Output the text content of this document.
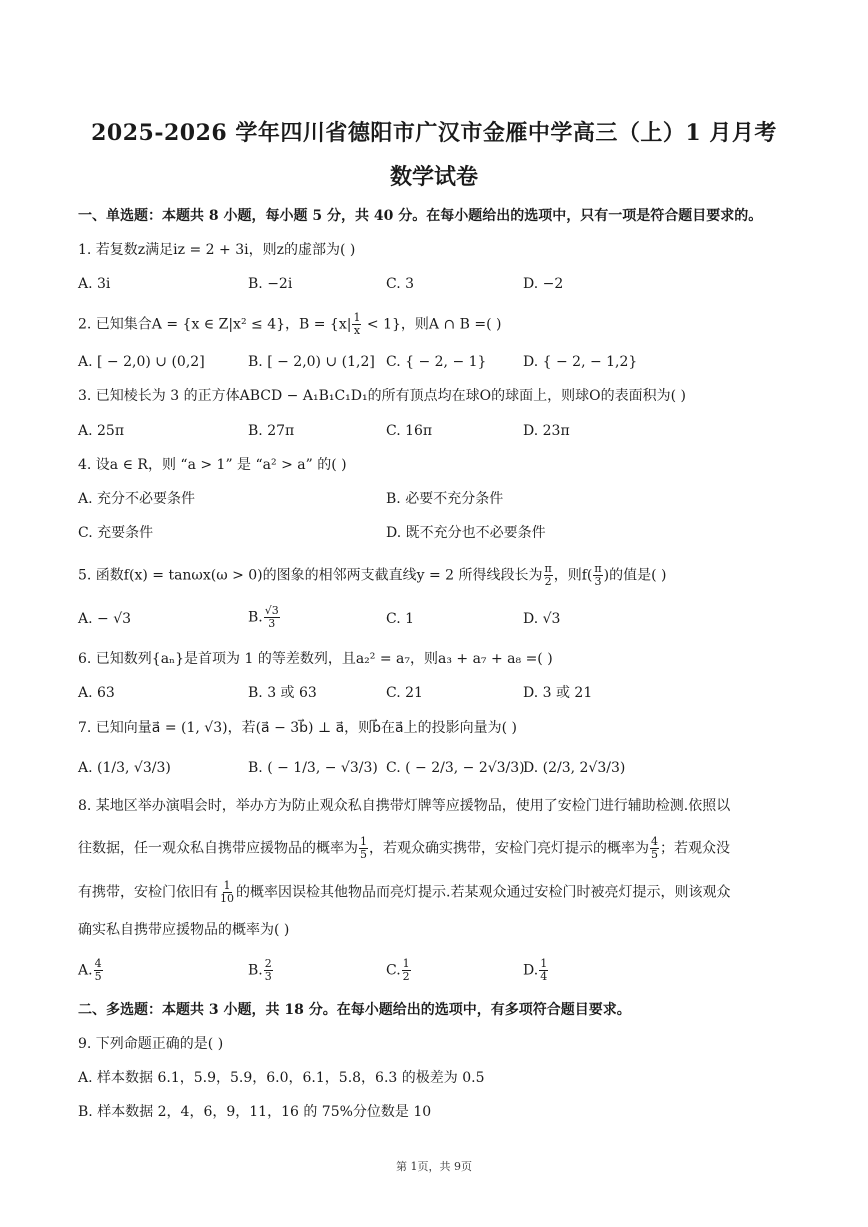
2025-2026 学年四川省德阳市广汉市金雁中学高三（上）1 月月考
数学试卷
一、单选题：本题共 8 小题，每小题 5 分，共 40 分。在每小题给出的选项中，只有一项是符合题目要求的。
1. 若复数z满足iz = 2 + 3i，则z的虚部为( )
A. 3i	B. −2i	C. 3	D. −2
2. 已知集合A = {x ∈ Z|x² ≤ 4}，$B = \{x| \frac{1}{x} < 1\}$，则A ∩ B =( )
A. [ − 2,0) ∪ (0,2]	B. [ − 2,0) ∪ (1,2] C. { − 2, − 1}	D. { − 2, − 1,2}
3. 已知棱长为 3 的正方体ABCD − A₁B₁C₁D₁的所有顶点均在球O的球面上，则球O的表面积为( )
A. 25π	B. 27π	C. 16π	D. 23π
4. 设a ∈ R，则 “a > 1” 是 “a² > a” 的( )
A. 充分不必要条件	B. 必要不充分条件
C. 充要条件	D. 既不充分也不必要条件
5. 函数f(x) = tanωx(ω > 0)的图象的相邻两支截直线y = 2 所得线段长为 $\frac{\pi}{2}$ ，则$f( \frac{\pi}{3}$ )的值是( )
A. − √3	B. $\frac{√3}{3}$	C. 1	D. √3
6. 已知数列{aₙ}是首项为 1 的等差数列，且a₂² = a₇，则a₃ + a₇ + a₈ =( )
A. 63	B. 3 或 63	C. 21	D. 3 或 21
7. 已知向量a⃗ = (1, √3)，若(a⃗ − 3b⃗) ⊥ a⃗，则b⃗在a⃗上的投影向量为( )
A. (1/3, √3/3)	B. ( − 1/3, − √3/3) C. ( − 2/3, − 2√3/3)
D. (2/3, 2√3/3)
8. 某地区举办演唱会时，举办方为防止观众私自携带灯牌等应援物品，使用了安检门进行辅助检测.依照以
往数据，任一观众私自携带应援物品的概率为 $\frac{1}{5}$ ，若观众确实携带，安检门亮灯提示的概率为 $\frac{4}{5}$ ；若观众没
有携带，安检门依旧有 $\frac{1}{10}$ 的概率因误检其他物品而亮灯提示.若某观众通过安检门时被亮灯提示，则该观众
确实私自携带应援物品的概率为( )
A. $\frac{4}{5}$	B. $\frac{2}{3}$	C. $\frac{1}{2}$	D. $\frac{1}{4}$
二、多选题：本题共 3 小题，共 18 分。在每小题给出的选项中，有多项符合题目要求。
9. 下列命题正确的是( )
A. 样本数据 6.1，5.9，5.9，6.0，6.1，5.8，6.3 的极差为 0.5
B. 样本数据 2，4，6，9，11，16 的 75%分位数是 10
第 1页，共 9页
